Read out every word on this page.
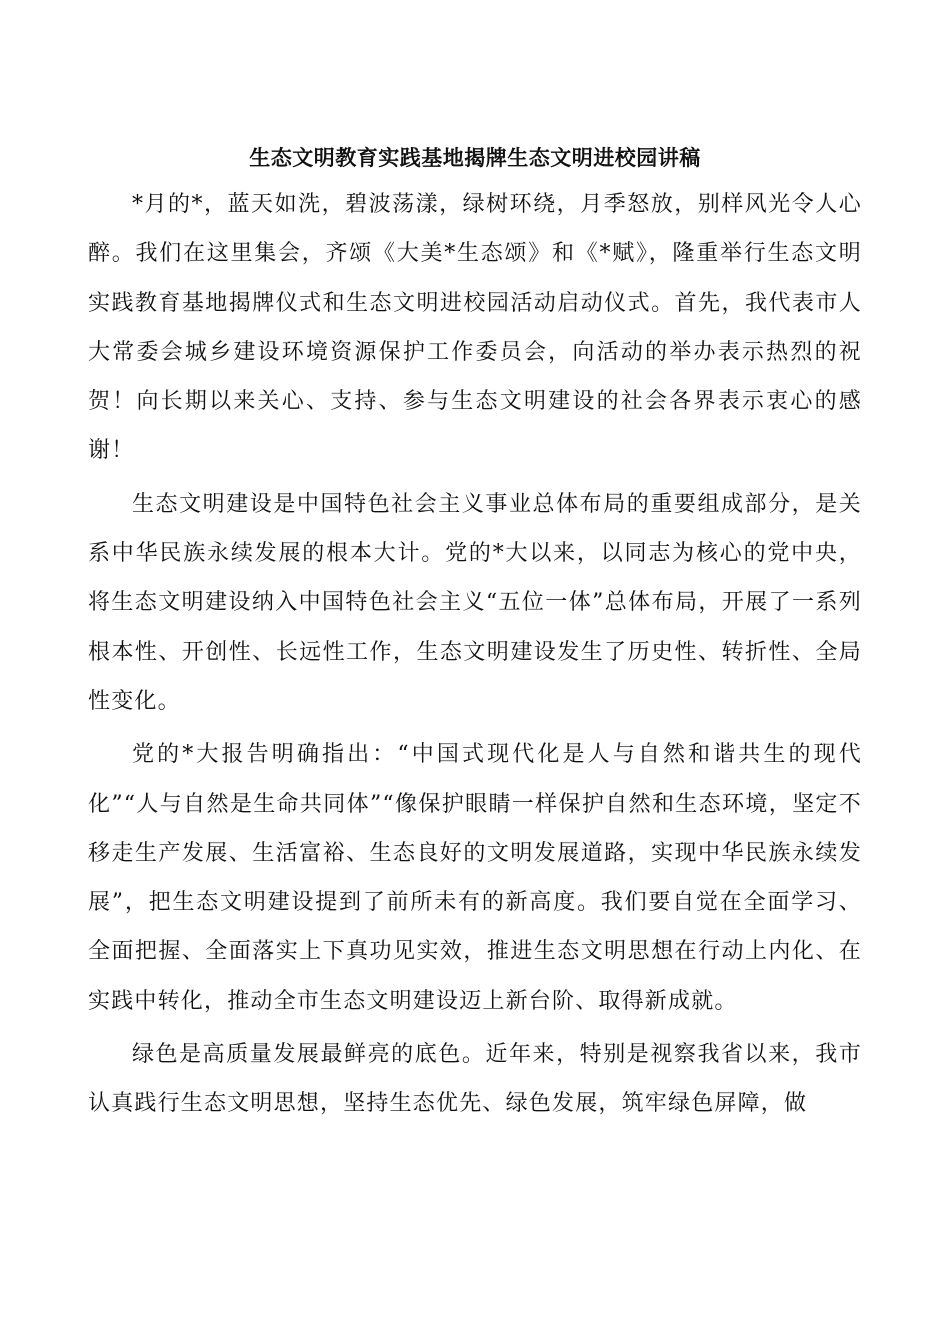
生态文明教育实践基地揭牌生态文明进校园讲稿

*月的*，蓝天如洗，碧波荡漾，绿树环绕，月季怒放，别样风光令人心醉。我们在这里集会，齐颂《大美*生态颂》和《*赋》，隆重举行生态文明实践教育基地揭牌仪式和生态文明进校园活动启动仪式。首先，我代表市人大常委会城乡建设环境资源保护工作委员会，向活动的举办表示热烈的祝贺！向长期以来关心、支持、参与生态文明建设的社会各界表示衷心的感谢！

生态文明建设是中国特色社会主义事业总体布局的重要组成部分，是关系中华民族永续发展的根本大计。党的*大以来，以同志为核心的党中央，将生态文明建设纳入中国特色社会主义“五位一体”总体布局，开展了一系列根本性、开创性、长远性工作，生态文明建设发生了历史性、转折性、全局性变化。

党的*大报告明确指出：“中国式现代化是人与自然和谐共生的现代化”“人与自然是生命共同体”“像保护眼睛一样保护自然和生态环境，坚定不移走生产发展、生活富裕、生态良好的文明发展道路，实现中华民族永续发展”，把生态文明建设提到了前所未有的新高度。我们要自觉在全面学习、全面把握、全面落实上下真功见实效，推进生态文明思想在行动上内化、在实践中转化，推动全市生态文明建设迈上新台阶、取得新成就。

绿色是高质量发展最鲜亮的底色。近年来，特别是视察我省以来，我市认真践行生态文明思想，坚持生态优先、绿色发展，筑牢绿色屏障，做
